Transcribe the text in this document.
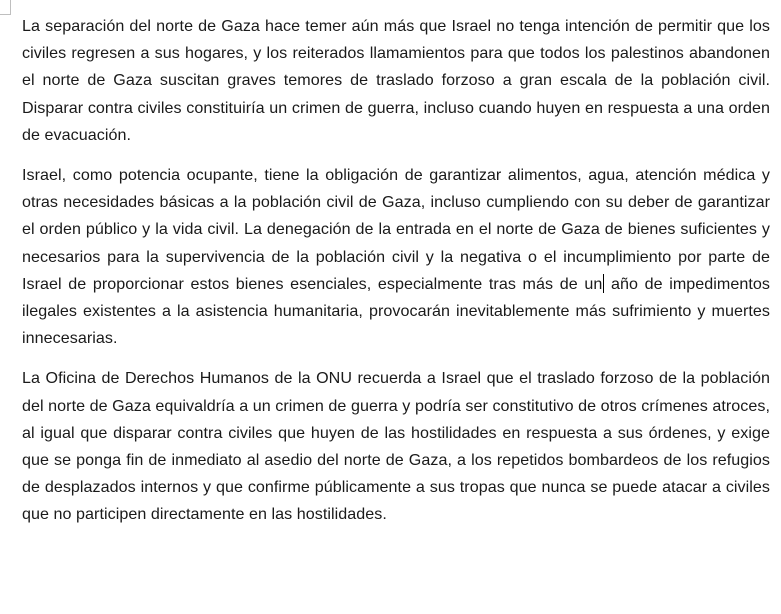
La separación del norte de Gaza hace temer aún más que Israel no tenga intención de permitir que los civiles regresen a sus hogares, y los reiterados llamamientos para que todos los palestinos abandonen el norte de Gaza suscitan graves temores de traslado forzoso a gran escala de la población civil. Disparar contra civiles constituiría un crimen de guerra, incluso cuando huyen en respuesta a una orden de evacuación.

Israel, como potencia ocupante, tiene la obligación de garantizar alimentos, agua, atención médica y otras necesidades básicas a la población civil de Gaza, incluso cumpliendo con su deber de garantizar el orden público y la vida civil. La denegación de la entrada en el norte de Gaza de bienes suficientes y necesarios para la supervivencia de la población civil y la negativa o el incumplimiento por parte de Israel de proporcionar estos bienes esenciales, especialmente tras más de un año de impedimentos ilegales existentes a la asistencia humanitaria, provocarán inevitablemente más sufrimiento y muertes innecesarias.

La Oficina de Derechos Humanos de la ONU recuerda a Israel que el traslado forzoso de la población del norte de Gaza equivaldría a un crimen de guerra y podría ser constitutivo de otros crímenes atroces, al igual que disparar contra civiles que huyen de las hostilidades en respuesta a sus órdenes, y exige que se ponga fin de inmediato al asedio del norte de Gaza, a los repetidos bombardeos de los refugios de desplazados internos y que confirme públicamente a sus tropas que nunca se puede atacar a civiles que no participen directamente en las hostilidades.
